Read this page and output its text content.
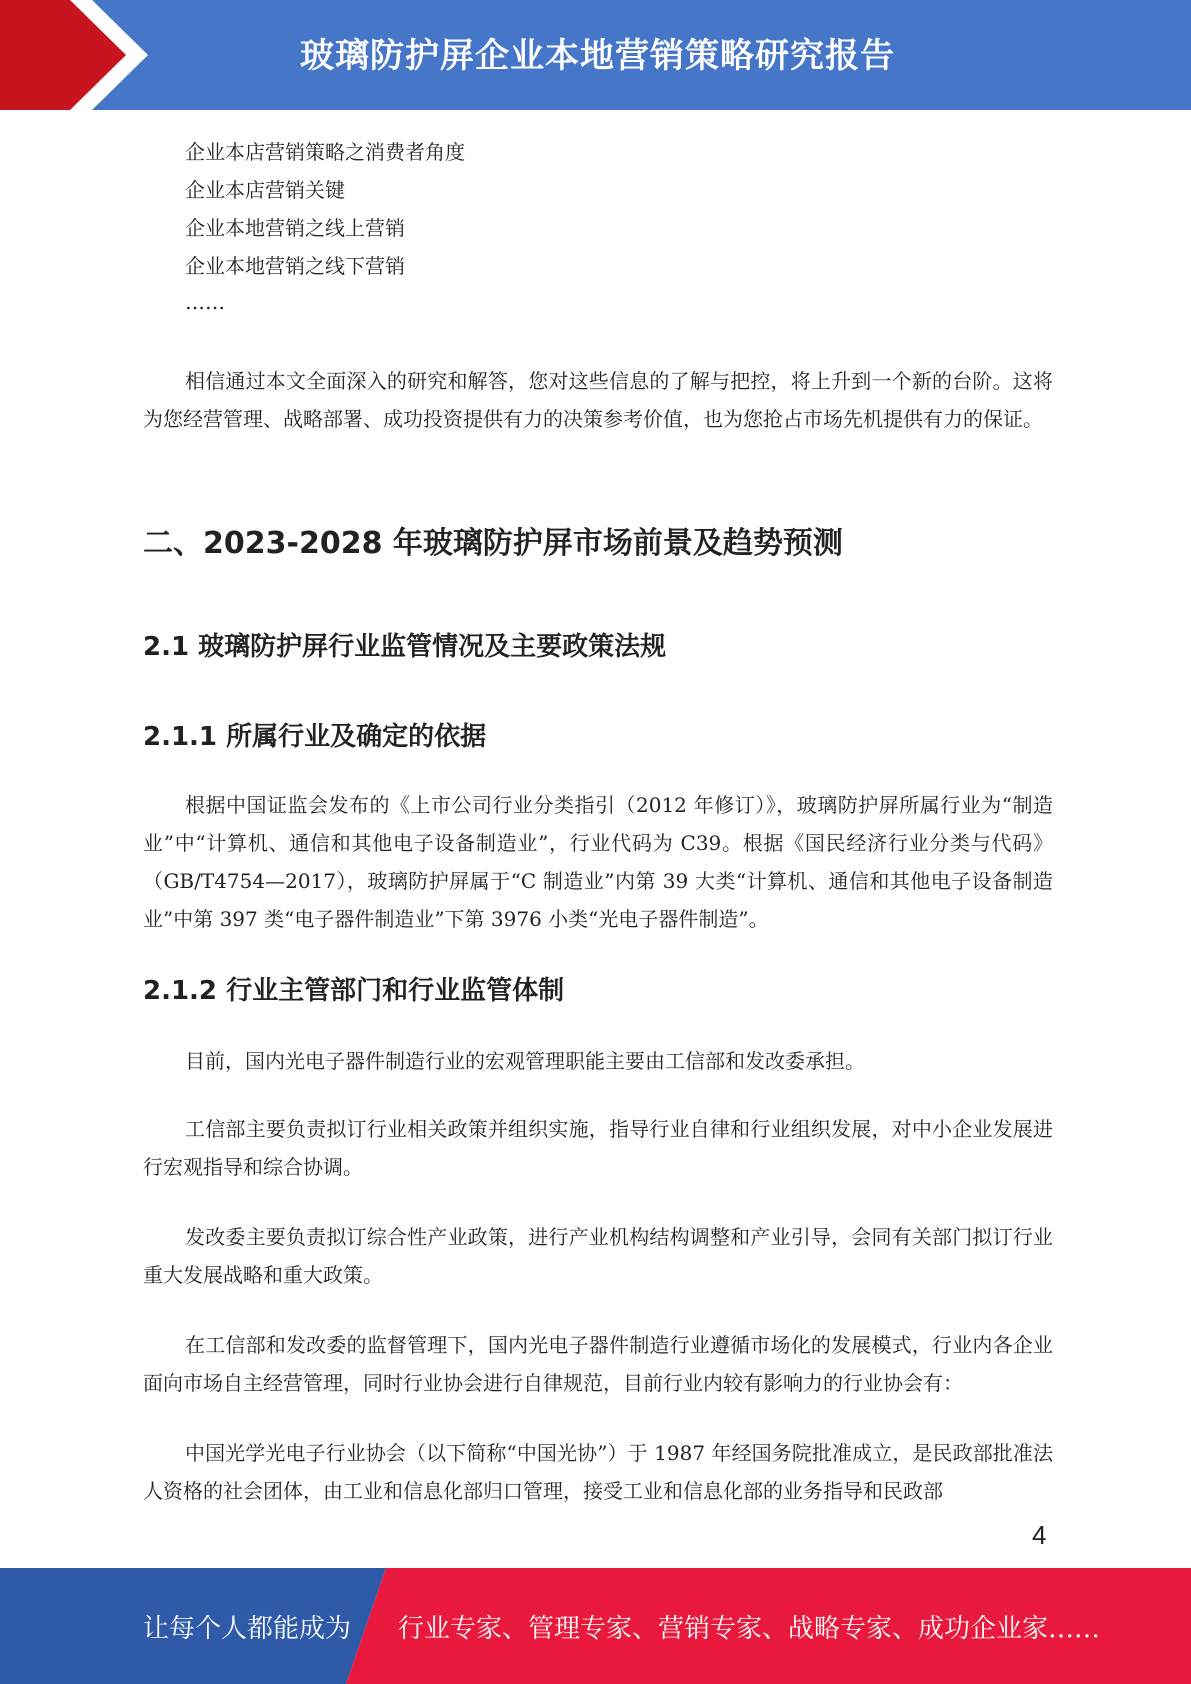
玻璃防护屏企业本地营销策略研究报告
企业本店营销策略之消费者角度
企业本店营销关键
企业本地营销之线上营销
企业本地营销之线下营销
……

相信通过本文全面深入的研究和解答，您对这些信息的了解与把控，将上升到一个新的台阶。这将为您经营管理、战略部署、成功投资提供有力的决策参考价值，也为您抢占市场先机提供有力的保证。

二、2023-2028 年玻璃防护屏市场前景及趋势预测
2.1 玻璃防护屏行业监管情况及主要政策法规
2.1.1 所属行业及确定的依据

根据中国证监会发布的《上市公司行业分类指引（2012 年修订）》，玻璃防护屏所属行业为“制造业”中“计算机、通信和其他电子设备制造业”，行业代码为 C39。根据《国民经济行业分类与代码》（GB/T4754—2017），玻璃防护屏属于“C 制造业”内第 39 大类“计算机、通信和其他电子设备制造业”中第 397 类“电子器件制造业”下第 3976 小类“光电子器件制造”。

2.1.2 行业主管部门和行业监管体制

目前，国内光电子器件制造行业的宏观管理职能主要由工信部和发改委承担。

工信部主要负责拟订行业相关政策并组织实施，指导行业自律和行业组织发展，对中小企业发展进行宏观指导和综合协调。

发改委主要负责拟订综合性产业政策，进行产业机构结构调整和产业引导，会同有关部门拟订行业重大发展战略和重大政策。

在工信部和发改委的监督管理下，国内光电子器件制造行业遵循市场化的发展模式，行业内各企业面向市场自主经营管理，同时行业协会进行自律规范，目前行业内较有影响力的行业协会有：

中国光学光电子行业协会（以下简称“中国光协”）于 1987 年经国务院批准成立，是民政部批准法人资格的社会团体，由工业和信息化部归口管理，接受工业和信息化部的业务指导和民政部

4
让每个人都能成为 行业专家、管理专家、营销专家、战略专家、成功企业家……
